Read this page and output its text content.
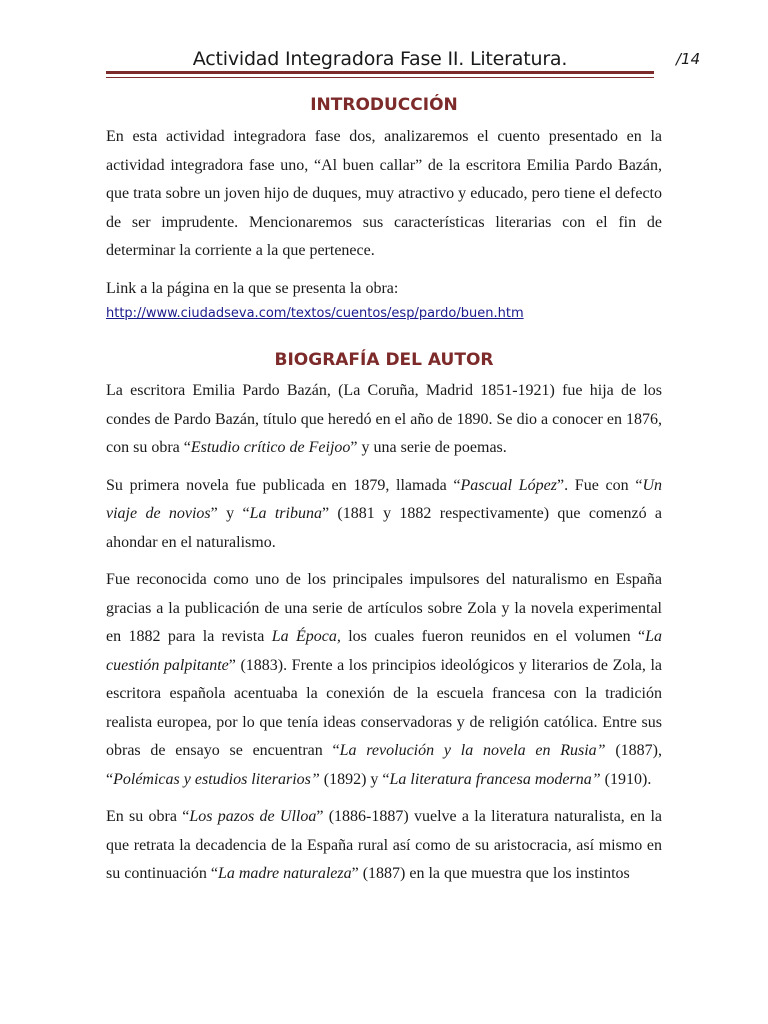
Actividad Integradora Fase II. Literatura.	/14
INTRODUCCIÓN

En esta actividad integradora fase dos, analizaremos el cuento presentado en la actividad integradora fase uno, “Al buen callar” de la escritora Emilia Pardo Bazán, que trata sobre un joven hijo de duques, muy atractivo y educado, pero tiene el defecto de ser imprudente. Mencionaremos sus características literarias con el fin de determinar la corriente a la que pertenece.

Link a la página en la que se presenta la obra:

http://www.ciudadseva.com/textos/cuentos/esp/pardo/buen.htm
BIOGRAFÍA DEL AUTOR

La escritora Emilia Pardo Bazán, (La Coruña, Madrid 1851-1921) fue hija de los condes de Pardo Bazán, título que heredó en el año de 1890. Se dio a conocer en 1876, con su obra “Estudio crítico de Feijoo” y una serie de poemas.

Su primera novela fue publicada en 1879, llamada “Pascual López”. Fue con “Un viaje de novios” y “La tribuna” (1881 y 1882 respectivamente) que comenzó a ahondar en el naturalismo.

Fue reconocida como uno de los principales impulsores del naturalismo en España gracias a la publicación de una serie de artículos sobre Zola y la novela experimental en 1882 para la revista La Época, los cuales fueron reunidos en el volumen “La cuestión palpitante” (1883). Frente a los principios ideológicos y literarios de Zola, la escritora española acentuaba la conexión de la escuela francesa con la tradición realista europea, por lo que tenía ideas conservadoras y de religión católica. Entre sus obras de ensayo se encuentran “La revolución y la novela en Rusia” (1887), “Polémicas y estudios literarios” (1892) y “La literatura francesa moderna” (1910).

En su obra “Los pazos de Ulloa” (1886-1887) vuelve a la literatura naturalista, en la que retrata la decadencia de la España rural así como de su aristocracia, así mismo en su continuación “La madre naturaleza” (1887) en la que muestra que los instintos
